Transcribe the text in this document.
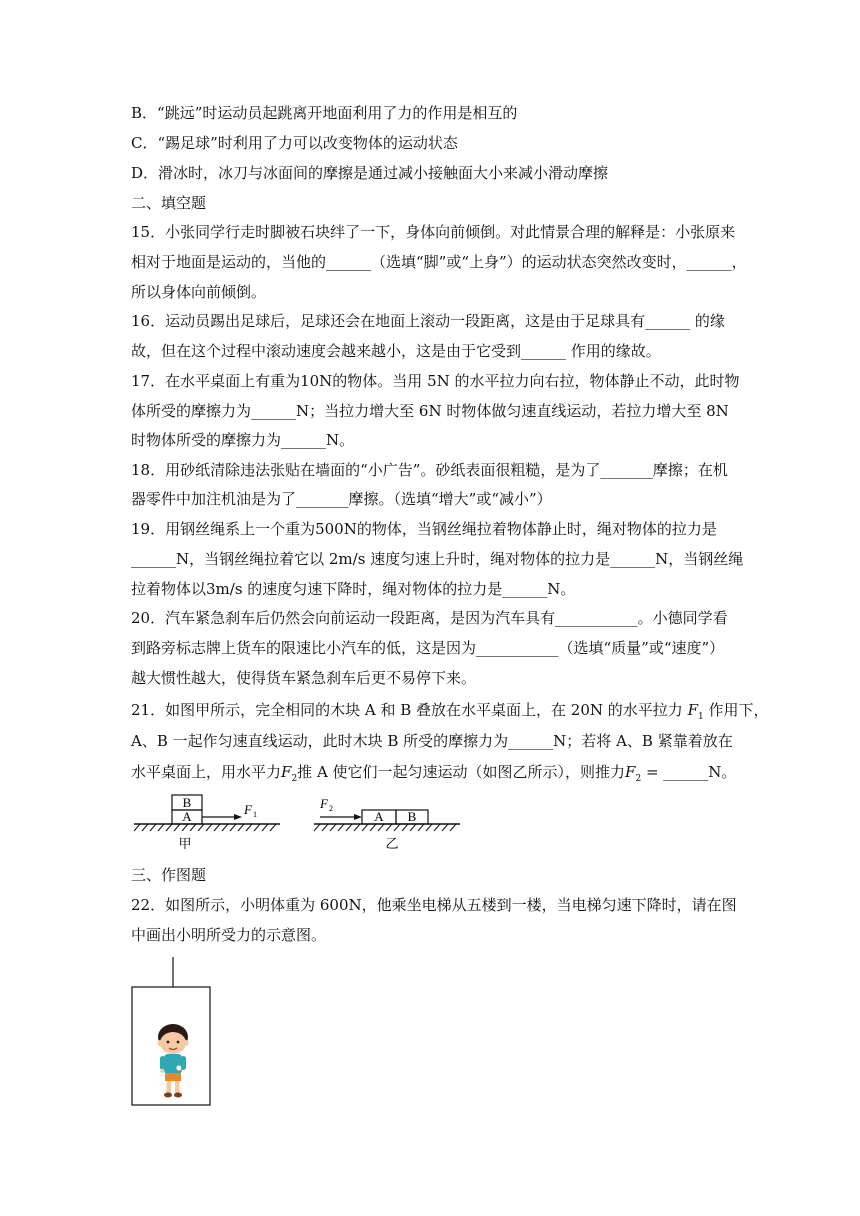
B．“跳远”时运动员起跳离开地面利用了力的作用是相互的
C．“踢足球”时利用了力可以改变物体的运动状态
D．滑冰时，冰刀与冰面间的摩擦是通过减小接触面大小来减小滑动摩擦
二、填空题
15．小张同学行走时脚被石块绊了一下，身体向前倾倒。对此情景合理的解释是：小张原来
相对于地面是运动的，当他的______（选填“脚”或“上身”）的运动状态突然改变时，______，
所以身体向前倾倒。
16．运动员踢出足球后，足球还会在地面上滚动一段距离，这是由于足球具有______ 的缘
故，但在这个过程中滚动速度会越来越小，这是由于它受到______ 作用的缘故。
17．在水平桌面上有重为10N的物体。当用 5N 的水平拉力向右拉，物体静止不动，此时物
体所受的摩擦力为______N；当拉力增大至 6N 时物体做匀速直线运动，若拉力增大至 8N
时物体所受的摩擦力为______N。
18．用砂纸清除违法张贴在墙面的“小广告”。砂纸表面很粗糙，是为了_______摩擦；在机
器零件中加注机油是为了_______摩擦。（选填“增大”或“减小”）
19．用钢丝绳系上一个重为500N的物体，当钢丝绳拉着物体静止时，绳对物体的拉力是
______N，当钢丝绳拉着它以 2m/s 速度匀速上升时，绳对物体的拉力是______N，当钢丝绳
拉着物体以3m/s 的速度匀速下降时，绳对物体的拉力是______N。
20．汽车紧急刹车后仍然会向前运动一段距离，是因为汽车具有___________。小德同学看
到路旁标志牌上货车的限速比小汽车的低，这是因为___________（选填“质量”或“速度”）
越大惯性越大，使得货车紧急刹车后更不易停下来。
21．如图甲所示，完全相同的木块 A 和 B 叠放在水平桌面上，在 20N 的水平拉力 $F_1$ 作用下，
A、B 一起作匀速直线运动，此时木块 B 所受的摩擦力为______N；若将 A、B 紧靠着放在
水平桌面上，用水平力$F_2$推 A 使它们一起匀速运动（如图乙所示），则推力$F_2$ = ______N。
B
A	F 1
甲
A B
F 2
乙
三、作图题
22．如图所示，小明体重为 600N，他乘坐电梯从五楼到一楼，当电梯匀速下降时，请在图
中画出小明所受力的示意图。
